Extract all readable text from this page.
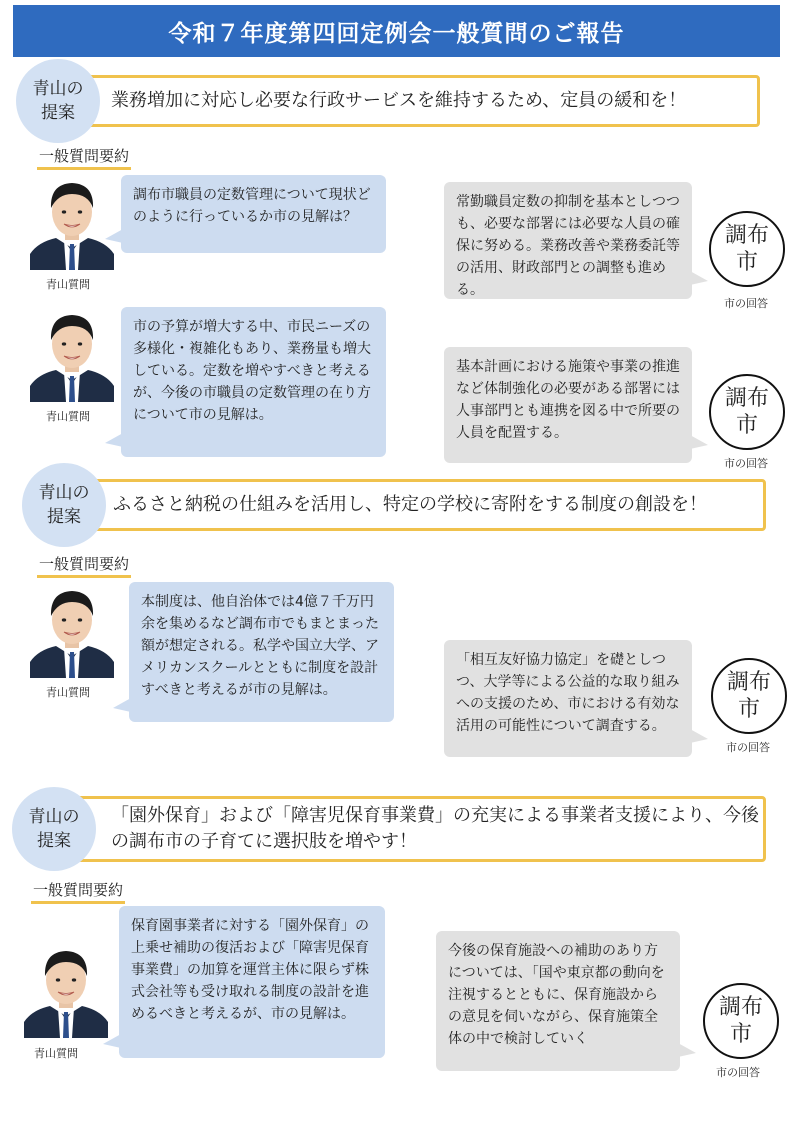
令和７年度第四回定例会一般質問のご報告
業務増加に対応し必要な行政サービスを維持するため、定員の緩和を！
青山の
提案
一般質問要約
青山質問
調布市職員の定数管理について現状どのように行っているか市の見解は？
常勤職員定数の抑制を基本としつつも、必要な部署には必要な人員の確保に努める。業務改善や業務委託等の活用、財政部門との調整も進める。
調布
市
市の回答
青山質問
市の予算が増大する中、市民ニーズの多様化・複雑化もあり、業務量も増大している。定数を増やすべきと考えるが、今後の市職員の定数管理の在り方について市の見解は。
基本計画における施策や事業の推進など体制強化の必要がある部署には人事部門とも連携を図る中で所要の人員を配置する。
調布
市
市の回答
ふるさと納税の仕組みを活用し、特定の学校に寄附をする制度の創設を！
青山の
提案
一般質問要約
青山質問
本制度は、他自治体では4億７千万円余を集めるなど調布市でもまとまった額が想定される。私学や国立大学、アメリカンスクールとともに制度を設計すべきと考えるが市の見解は。
「相互友好協力協定」を礎としつつ、大学等による公益的な取り組みへの支援のため、市における有効な活用の可能性について調査する。
調布
市
市の回答
「園外保育」および「障害児保育事業費」の充実による事業者支援により、今後の調布市の子育てに選択肢を増やす！
青山の
提案
一般質問要約
青山質問
保育園事業者に対する「園外保育」の上乗せ補助の復活および「障害児保育事業費」の加算を運営主体に限らず株式会社等も受け取れる制度の設計を進めるべきと考えるが、市の見解は。
今後の保育施設への補助のあり方については、「国や東京都の動向を注視するとともに、保育施設からの意見を伺いながら、保育施策全体の中で検討していく
調布
市
市の回答
